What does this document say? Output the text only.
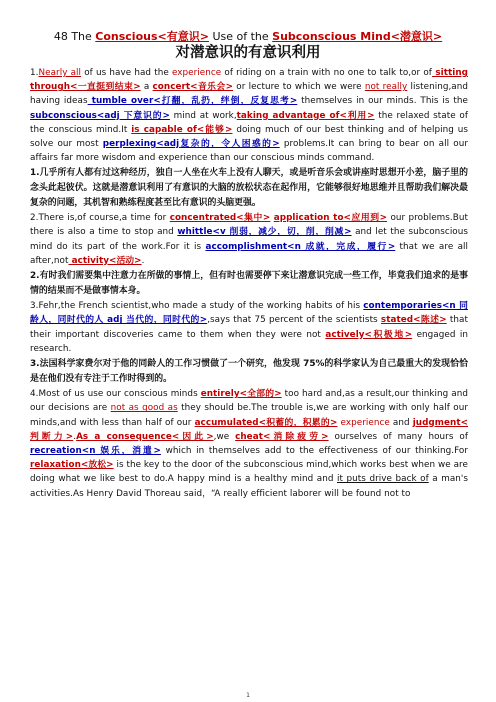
48 The Conscious<有意识> Use of the Subconscious Mind<潜意识>
对潜意识的有意识利用

1.Nearly all of us have had the experience of riding on a train with no one to talk to,or of sitting through<一直挺到结束> a concert<音乐会> or lecture to which we were not really listening,and having ideas tumble over<打翻，乱扔，绊倒，反复思考> themselves in our minds. This is the subconscious<adj 下意识的> mind at work,taking advantage of<利用> the relaxed state of the conscious mind.It is capable of<能够> doing much of our best thinking and of helping us solve our most perplexing<adj复杂的，令人困惑的> problems.It can bring to bear on all our affairs far more wisdom and experience than our conscious minds command.

1.几乎所有人都有过这种经历，独自一人坐在火车上没有人聊天，或是听音乐会或讲座时思想开小差，脑子里的念头此起彼伏。这就是潜意识利用了有意识的大脑的放松状态在起作用，它能够很好地思维并且帮助我们解决最复杂的问题，其机智和熟练程度甚至比有意识的头脑更强。

2.There is,of course,a time for concentrated<集中> application to<应用到> our problems.But there is also a time to stop and whittle<v 削弱，减少，切，削，削减> and let the subconscious mind do its part of the work.For it is accomplishment<n 成就，完成，履行> that we are all after,not activity<活动>.

2.有时我们需要集中注意力在所做的事情上，但有时也需要停下来让潜意识完成一些工作，毕竟我们追求的是事情的结果而不是做事情本身。

3.Fehr,the French scientist,who made a study of the working habits of his contemporaries<n 同龄人，同时代的人 adj 当代的，同时代的>,says that 75 percent of the scientists stated<陈述> that their important discoveries came to them when they were not actively<积极地> engaged in research.

3.法国科学家费尔对于他的同龄人的工作习惯做了一个研究，他发现 75%的科学家认为自己最重大的发现恰恰是在他们没有专注于工作时得到的。

4.Most of us use our conscious minds entirely<全部的> too hard and,as a result,our thinking and our decisions are not as good as they should be.The trouble is,we are working with only half our minds,and with less than half of our accumulated<积蓄的，积累的> experience and judgment<判断力>.As a consequence<因此>,we cheat<消除疲劳> ourselves of many hours of recreation<n 娱乐，消遣> which in themselves add to the effectiveness of our thinking.For relaxation<放松> is the key to the door of the subconscious mind,which works best when we are doing what we like best to do.A happy mind is a healthy mind and it puts drive back of a man's activities.As Henry David Thoreau said，“A really efficient laborer will be found not to

1
